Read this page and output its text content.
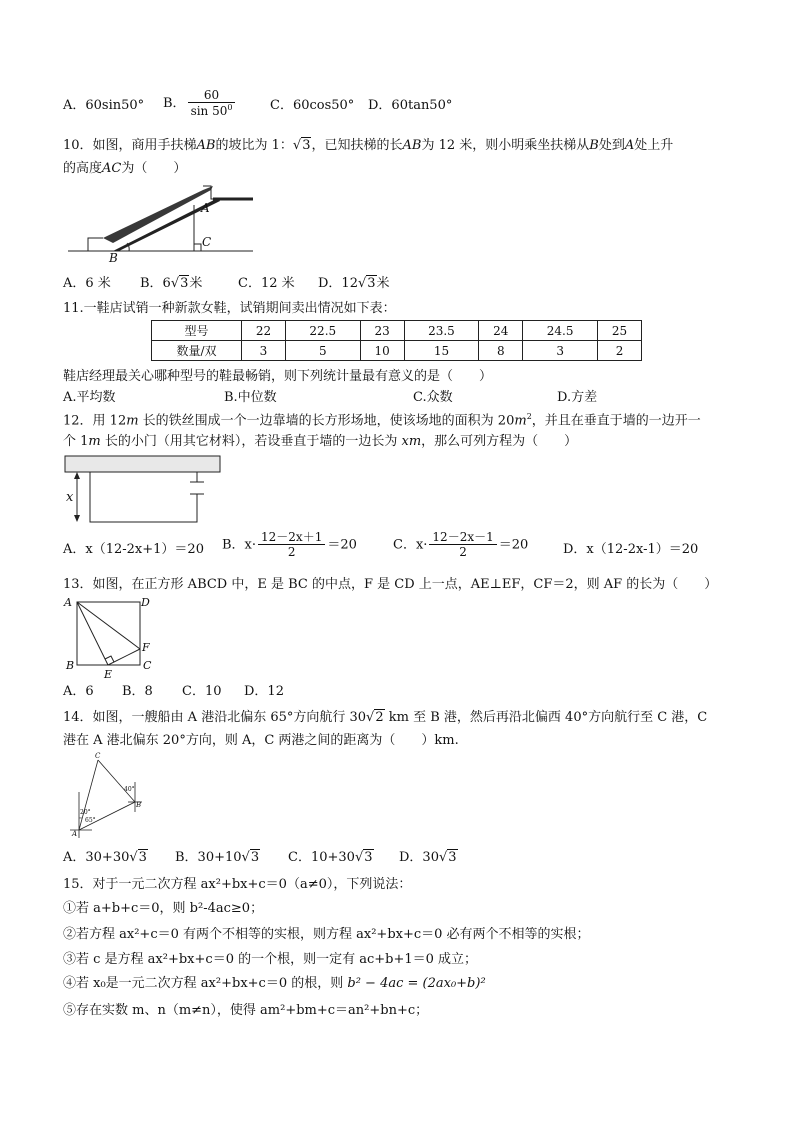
A．60sin50° B． $\frac{60}{\sin 50^0}$	C．60cos50° D．60tan50°
10．如图，商用手扶梯AB的坡比为 1：√3，已知扶梯的长AB为 12 米，则小明乘坐扶梯从B处到A处上升
的高度AC为（　　）
A
B
C
A．6 米 B．6√3米	C．12 米 D．12√3米
11.一鞋店试销一种新款女鞋，试销期间卖出情况如下表：
型号	22	22.5	23	23.5	24	24.5	25
数量/双	3	5	10	15	8	3	2
鞋店经理最关心哪种型号的鞋最畅销，则下列统计量最有意义的是（　　）
A.平均数	B.中位数	C.众数	D.方差
12．用 12m 长的铁丝围成一个一边靠墙的长方形场地，使该场地的面积为 $20m^2$，并且在垂直于墙的一边开一
个 1m 长的小门（用其它材料），若设垂直于墙的一边长为 xm，那么可列方程为（　　）
x
A．x（12-2x+1）＝20 B．$x\cdot \frac{12-2x+1}{2} =20$	C．$x\cdot \frac{12-2x-1}{2} =20$	D．x（12-2x-1）＝20
13．如图，在正方形 ABCD 中，E 是 BC 的中点，F 是 CD 上一点，AE⊥EF，CF＝2，则 AF 的长为（　　）
A	D
B	C
E
F
A．6 B．8 C．10 D．12
14．如图，一艘船由 A 港沿北偏东 65°方向航行 30√2 km 至 B 港，然后再沿北偏西 40°方向航行至 C 港，C
港在 A 港北偏东 20°方向，则 A，C 两港之间的距离为（　　）km.
C
A
B
40°
20°
65°
A．30+30√3 B．30+10√3 C．10+30√3 D．30√3
15．对于一元二次方程 ax²+bx+c＝0（a≠0），下列说法：
①若 a+b+c＝0，则 b²-4ac≥0；
②若方程 ax²+c＝0 有两个不相等的实根，则方程 ax²+bx+c＝0 必有两个不相等的实根；
③若 c 是方程 ax²+bx+c＝0 的一个根，则一定有 ac+b+1＝0 成立；
④若 x₀是一元二次方程 ax²+bx+c＝0 的根，则 b² − 4ac = (2ax₀+b)²
⑤存在实数 m、n（m≠n），使得 am²+bm+c＝an²+bn+c；
